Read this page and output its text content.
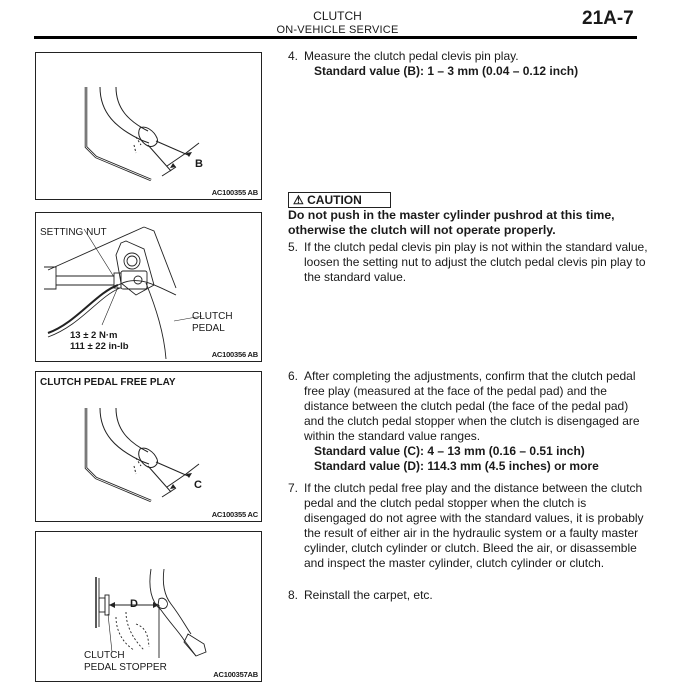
CLUTCH
ON-VEHICLE SERVICE
21A-7
B
AC100355 AB
SETTING NUT
CLUTCH
PEDAL
13 ± 2 N·m
111 ± 22 in-lb
AC100356 AB
CLUTCH PEDAL FREE PLAY
C
AC100355 AC
D
CLUTCH
PEDAL STOPPER
AC100357AB
4. Measure the clutch pedal clevis pin play.
Standard value (B): 1 – 3 mm (0.04 – 0.12 inch)
⚠ CAUTION
Do not push in the master cylinder pushrod at this time, otherwise the clutch will not operate properly.
5. If the clutch pedal clevis pin play is not within the standard value, loosen the setting nut to adjust the clutch pedal clevis pin play to the standard value.
6. After completing the adjustments, confirm that the clutch pedal free play (measured at the face of the pedal pad) and the distance between the clutch pedal (the face of the pedal pad) and the clutch pedal stopper when the clutch is disengaged are within the standard value ranges.
Standard value (C): 4 – 13 mm (0.16 – 0.51 inch)
Standard value (D): 114.3 mm (4.5 inches) or more
7. If the clutch pedal free play and the distance between the clutch pedal and the clutch pedal stopper when the clutch is disengaged do not agree with the standard values, it is probably the result of either air in the hydraulic system or a faulty master cylinder, clutch cylinder or clutch. Bleed the air, or disassemble and inspect the master cylinder, clutch cylinder or clutch.
8. Reinstall the carpet, etc.
